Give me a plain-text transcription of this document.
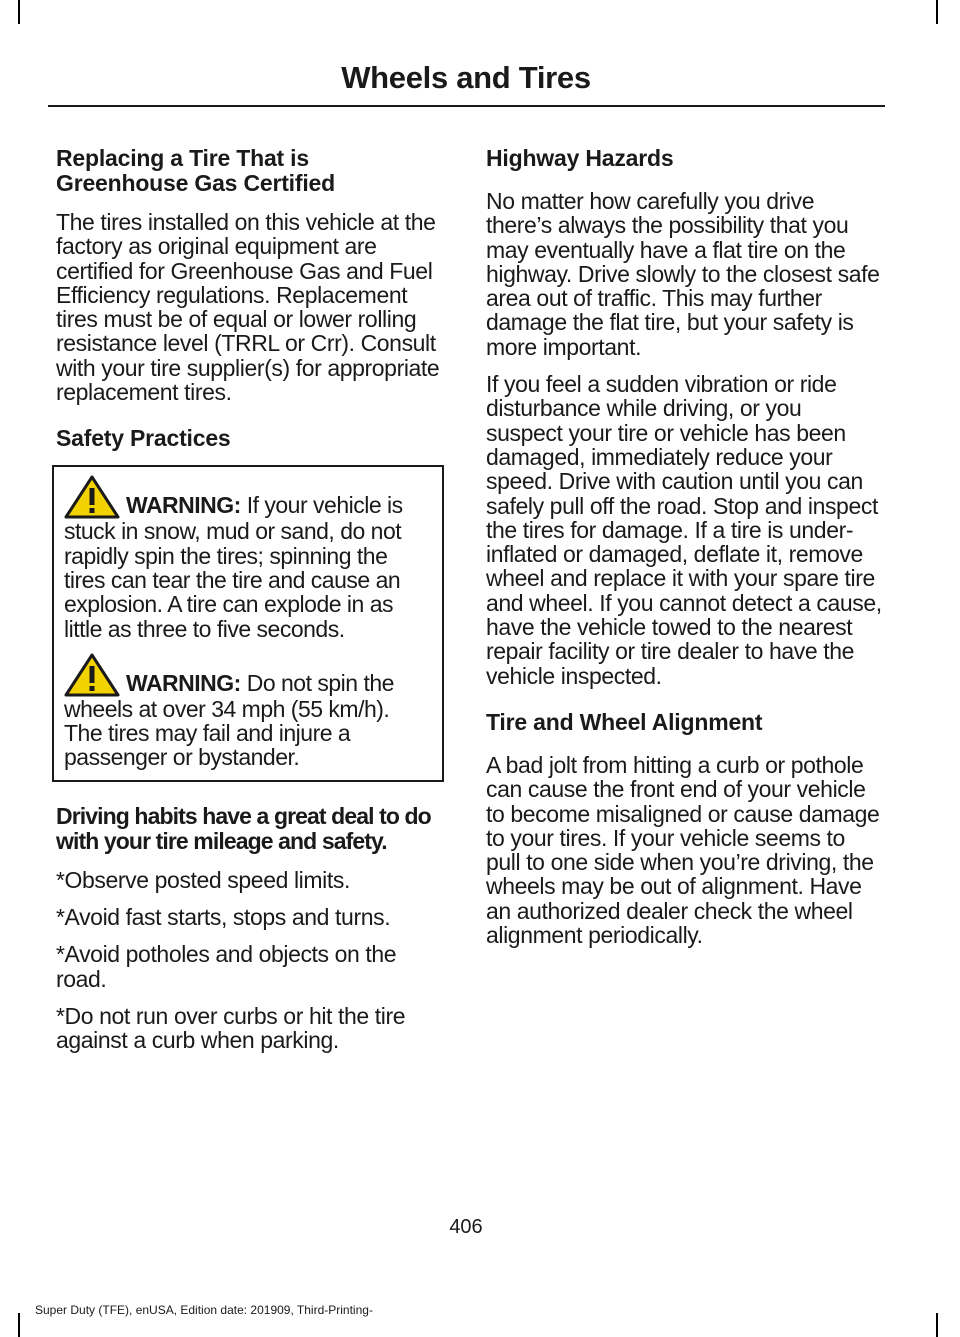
Wheels and Tires
Replacing a Tire That is Greenhouse Gas Certified

The tires installed on this vehicle at the factory as original equipment are certified for Greenhouse Gas and Fuel Efficiency regulations. Replacement tires must be of equal or lower rolling resistance level (TRRL or Crr). Consult with your tire supplier(s) for appropriate replacement tires.

Safety Practices

WARNING: If your vehicle is stuck in snow, mud or sand, do not rapidly spin the tires; spinning the tires can tear the tire and cause an explosion. A tire can explode in as little as three to five seconds.

WARNING: Do not spin the wheels at over 34 mph (55 km/h). The tires may fail and injure a passenger or bystander.

Driving habits have a great deal to do with your tire mileage and safety.

*Observe posted speed limits.

*Avoid fast starts, stops and turns.

*Avoid potholes and objects on the road.

*Do not run over curbs or hit the tire against a curb when parking.

Highway Hazards

No matter how carefully you drive there’s always the possibility that you may eventually have a flat tire on the highway. Drive slowly to the closest safe area out of traffic. This may further damage the flat tire, but your safety is more important.

If you feel a sudden vibration or ride disturbance while driving, or you suspect your tire or vehicle has been damaged, immediately reduce your speed. Drive with caution until you can safely pull off the road. Stop and inspect the tires for damage. If a tire is under-inflated or damaged, deflate it, remove wheel and replace it with your spare tire and wheel. If you cannot detect a cause, have the vehicle towed to the nearest repair facility or tire dealer to have the vehicle inspected.

Tire and Wheel Alignment

A bad jolt from hitting a curb or pothole can cause the front end of your vehicle to become misaligned or cause damage to your tires. If your vehicle seems to pull to one side when you’re driving, the wheels may be out of alignment. Have an authorized dealer check the wheel alignment periodically.

406

Super Duty (TFE), enUSA, Edition date: 201909, Third-Printing-
